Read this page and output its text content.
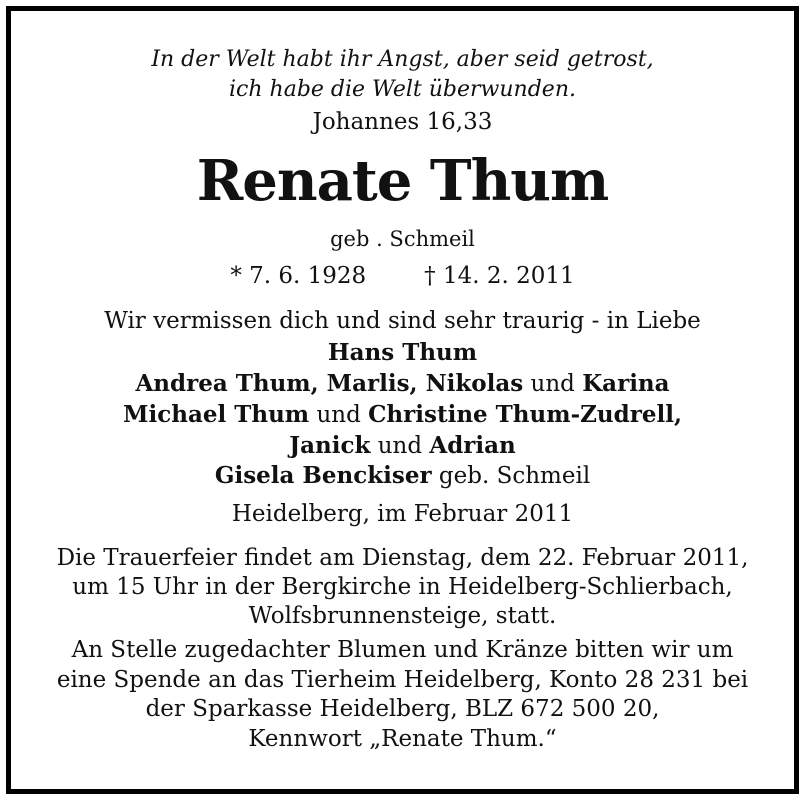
In der Welt habt ihr Angst, aber seid getrost,

ich habe die Welt überwunden.

Johannes 16,33

Renate Thum

geb . Schmeil

* 7. 6. 1928	† 14. 2. 2011

Wir vermissen dich und sind sehr traurig - in Liebe

Hans Thum

Andrea Thum, Marlis, Nikolas und Karina

Michael Thum und Christine Thum-Zudrell,

Janick und Adrian

Gisela Benckiser geb. Schmeil

Heidelberg, im Februar 2011

Die Trauerfeier findet am Dienstag, dem 22. Februar 2011,

um 15 Uhr in der Bergkirche in Heidelberg-Schlierbach,

Wolfsbrunnensteige, statt.

An Stelle zugedachter Blumen und Kränze bitten wir um

eine Spende an das Tierheim Heidelberg, Konto 28 231 bei

der Sparkasse Heidelberg, BLZ 672 500 20,

Kennwort „Renate Thum.“
